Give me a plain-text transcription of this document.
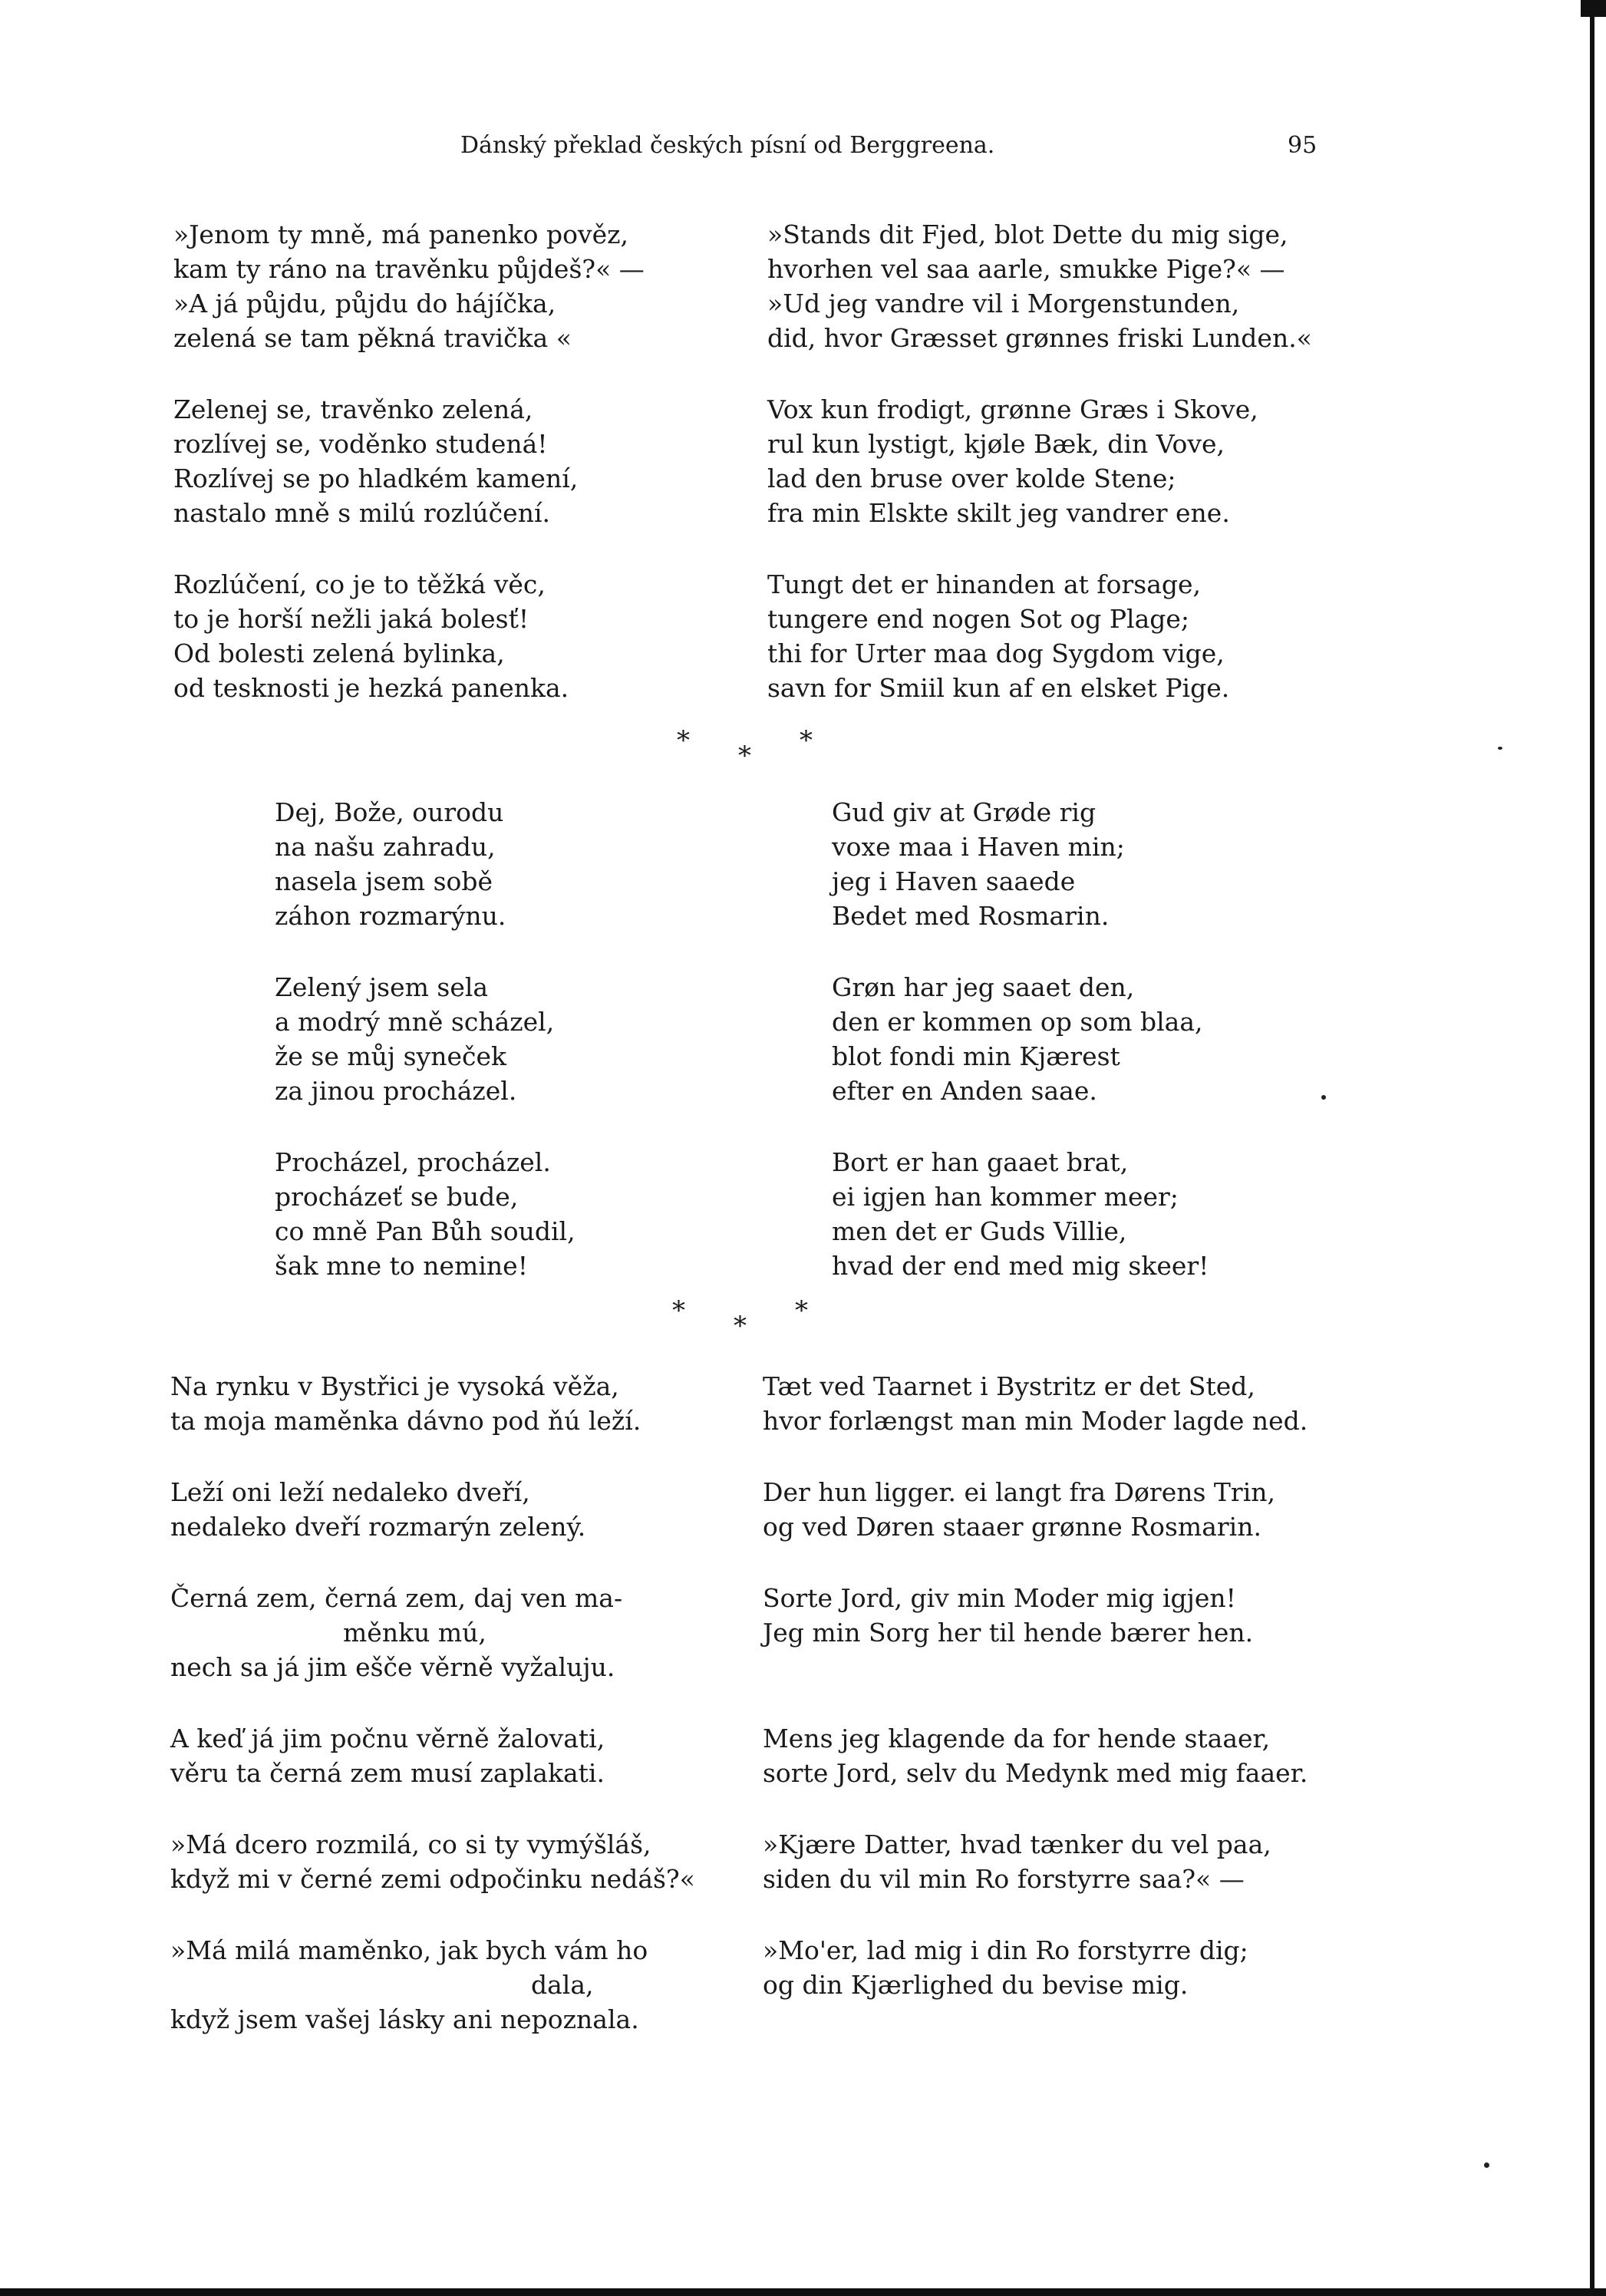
Dánský překlad českých písní od Berggreena.	95

»Jenom ty mně, má panenko pověz,

kam ty ráno na travěnku půjdeš?« —

»A já půjdu, půjdu do hájíčka,

zelená se tam pěkná travička «

Zelenej se, travěnko zelená,

rozlívej se, voděnko studená!

Rozlívej se po hladkém kamení,

nastalo mně s milú rozlúčení.

Rozlúčení, co je to těžká věc,

to je horší nežli jaká bolesť!

Od bolesti zelená bylinka,

od tesknosti je hezká panenka.

»Stands dit Fjed, blot Dette du mig sige,

hvorhen vel saa aarle, smukke Pige?« —

»Ud jeg vandre vil i Morgenstunden,

did, hvor Græsset grønnes friski Lunden.«

Vox kun frodigt, grønne Græs i Skove,

rul kun lystigt, kjøle Bæk, din Vove,

lad den bruse over kolde Stene;

fra min Elskte skilt jeg vandrer ene.

Tungt det er hinanden at forsage,

tungere end nogen Sot og Plage;

thi for Urter maa dog Sygdom vige,

savn for Smiil kun af en elsket Pige.

* * *

Dej, Bože, ourodu

na našu zahradu,

nasela jsem sobě

záhon rozmarýnu.

Zelený jsem sela

a modrý mně scházel,

že se můj syneček

za jinou procházel.

Procházel, procházel.

procházeť se bude,

co mně Pan Bůh soudil,

šak mne to nemine!

Gud giv at Grøde rig

voxe maa i Haven min;

jeg i Haven saaede

Bedet med Rosmarin.

Grøn har jeg saaet den,

den er kommen op som blaa,

blot fondi min Kjærest

efter en Anden saae.

Bort er han gaaet brat,

ei igjen han kommer meer;

men det er Guds Villie,

hvad der end med mig skeer!

* * *

Na rynku v Bystřici je vysoká věža,

ta moja maměnka dávno pod ňú leží.

Leží oni leží nedaleko dveří,

nedaleko dveří rozmarýn zelený.

Černá zem, černá zem, daj ven ma-

měnku mú,

nech sa já jim ešče věrně vyžaluju.

A keď já jim počnu věrně žalovati,

věru ta černá zem musí zaplakati.

»Má dcero rozmilá, co si ty vymýšláš,

když mi v černé zemi odpočinku nedáš?«

»Má milá maměnko, jak bych vám ho

dala,

když jsem vašej lásky ani nepoznala.

Tæt ved Taarnet i Bystritz er det Sted,

hvor forlængst man min Moder lagde ned.

Der hun ligger. ei langt fra Dørens Trin,

og ved Døren staaer grønne Rosmarin.

Sorte Jord, giv min Moder mig igjen!

Jeg min Sorg her til hende bærer hen.

Mens jeg klagende da for hende staaer,

sorte Jord, selv du Medynk med mig faaer.

»Kjære Datter, hvad tænker du vel paa,

siden du vil min Ro forstyrre saa?« —

»Mo'er, lad mig i din Ro forstyrre dig;

og din Kjærlighed du bevise mig.
